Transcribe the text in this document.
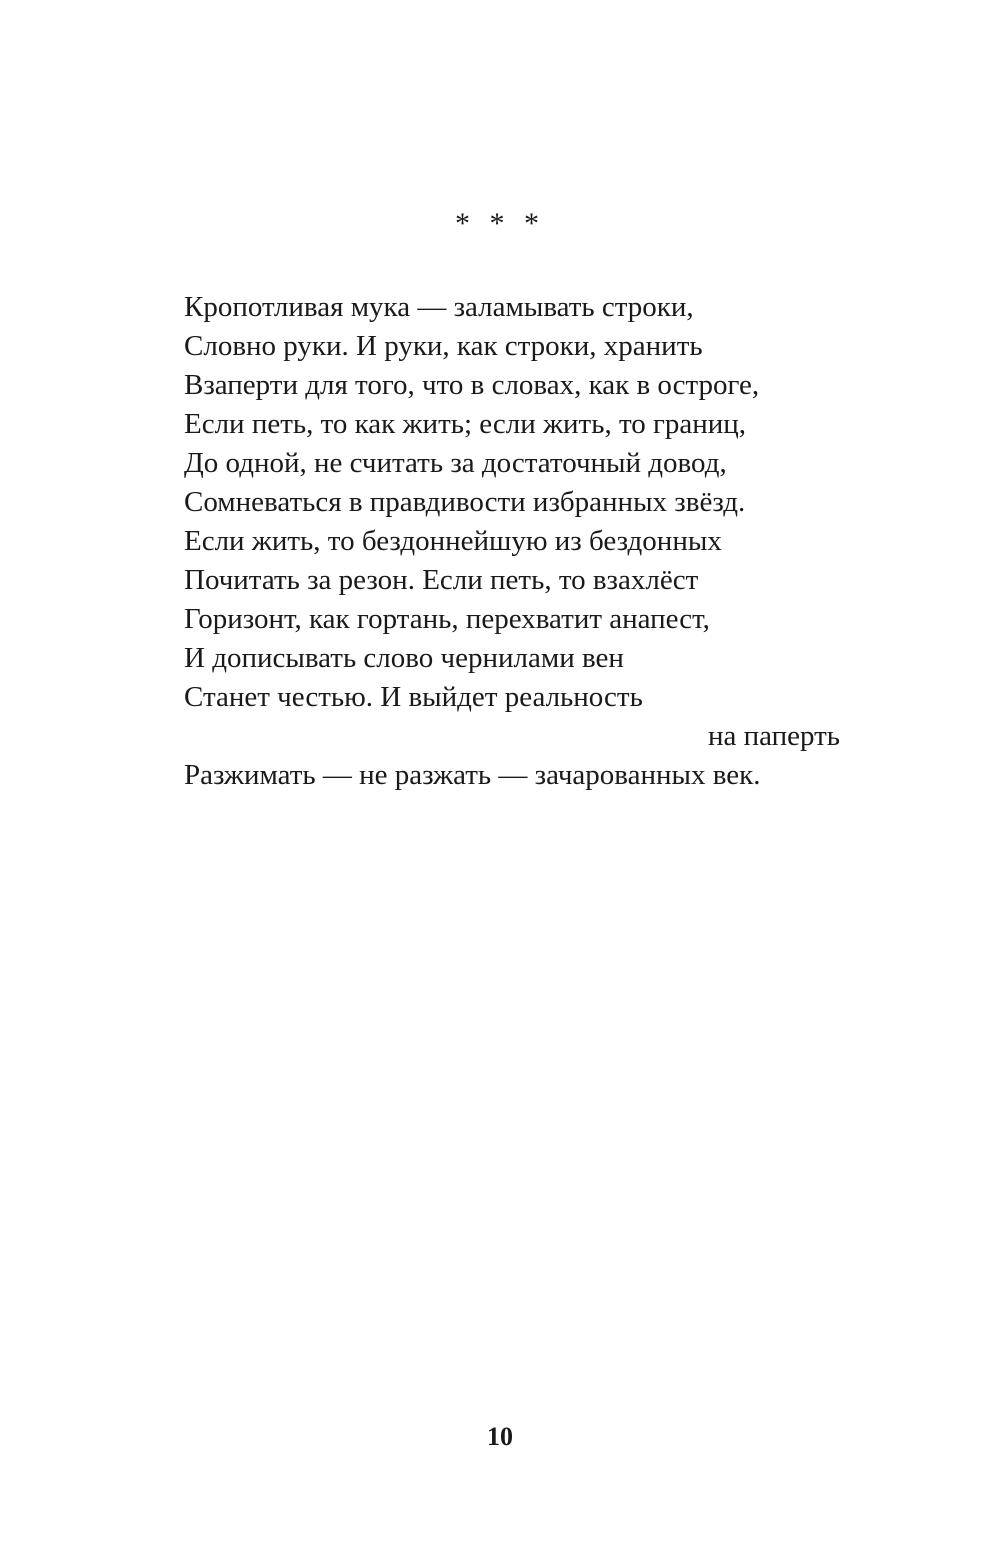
* * *
Кропотливая мука — заламывать строки,
Словно руки. И руки, как строки, хранить
Взаперти для того, что в словах, как в остроге,
Если петь, то как жить; если жить, то границ,
До одной, не считать за достаточный довод,
Сомневаться в правдивости избранных звёзд.
Если жить, то бездоннейшую из бездонных
Почитать за резон. Если петь, то взахлёст
Горизонт, как гортань, перехватит анапест,
И дописывать слово чернилами вен
Станет честью. И выйдет реальность
на паперть
Разжимать — не разжать — зачарованных век.
10
